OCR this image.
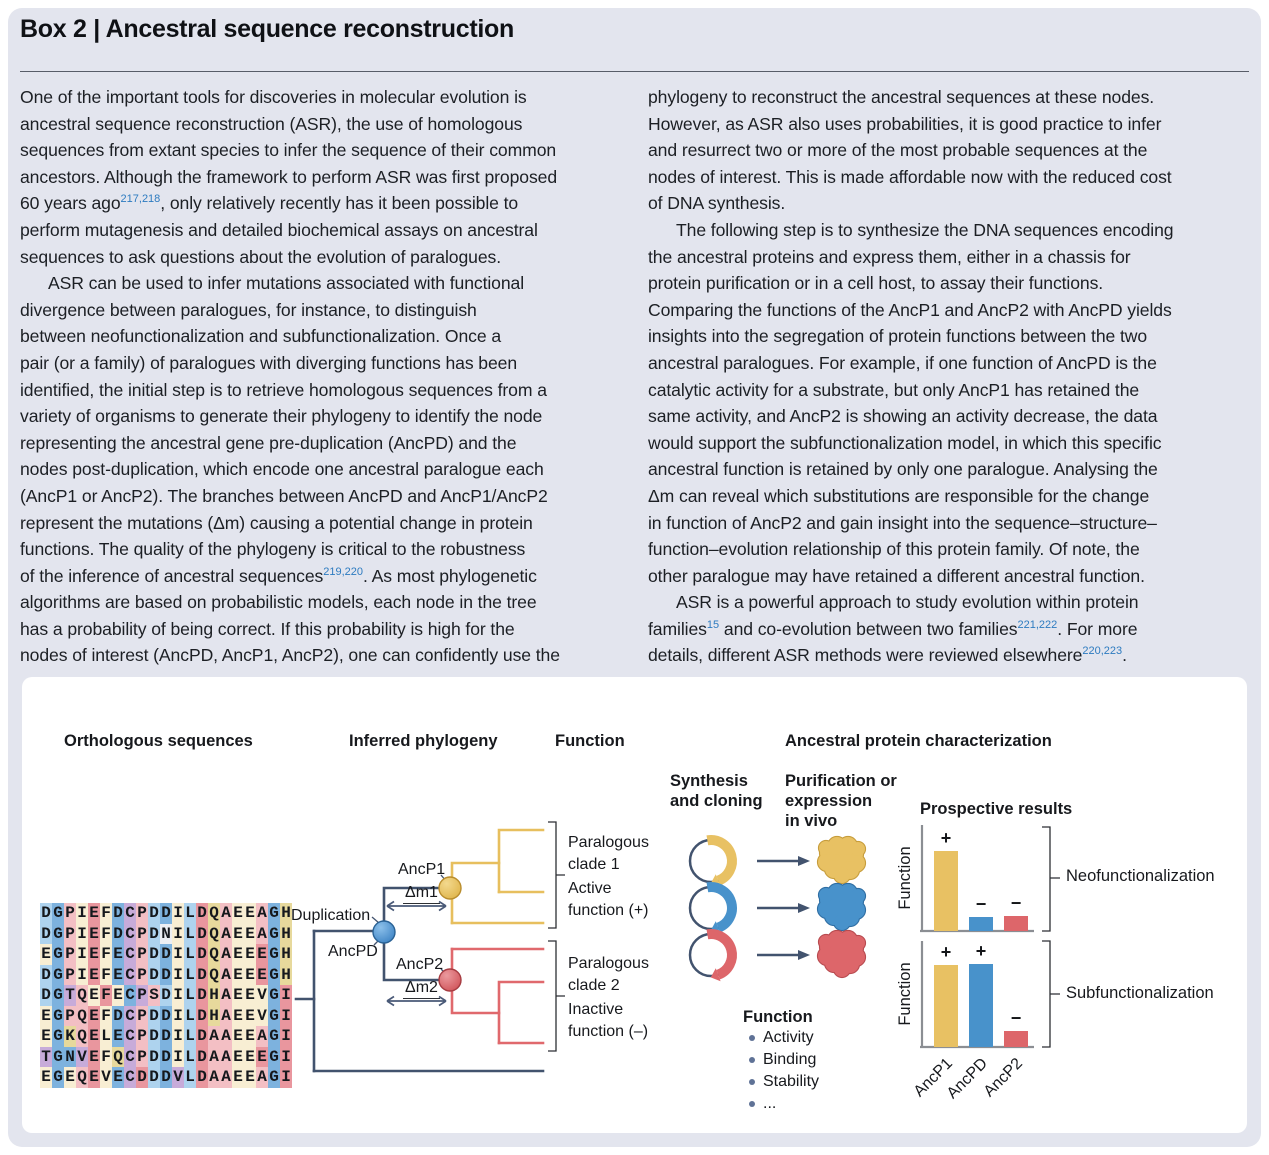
Box 2 | Ancestral sequence reconstruction
One of the important tools for discoveries in molecular evolution is
ancestral sequence reconstruction (ASR), the use of homologous
sequences from extant species to infer the sequence of their common
ancestors. Although the framework to perform ASR was first proposed
60 years ago$^{217,218}$, only relatively recently has it been possible to
perform mutagenesis and detailed biochemical assays on ancestral
sequences to ask questions about the evolution of paralogues.
ASR can be used to infer mutations associated with functional
divergence between paralogues, for instance, to distinguish
between neofunctionalization and subfunctionalization. Once a
pair (or a family) of paralogues with diverging functions has been
identified, the initial step is to retrieve homologous sequences from a
variety of organisms to generate their phylogeny to identify the node
representing the ancestral gene pre-duplication (AncPD) and the
nodes post-duplication, which encode one ancestral paralogue each
(AncP1 or AncP2). The branches between AncPD and AncP1/AncP2
represent the mutations (Δm) causing a potential change in protein
functions. The quality of the phylogeny is critical to the robustness
of the inference of ancestral sequences$^{219,220}$. As most phylogenetic
algorithms are based on probabilistic models, each node in the tree
has a probability of being correct. If this probability is high for the
nodes of interest (AncPD, AncP1, AncP2), one can confidently use the
phylogeny to reconstruct the ancestral sequences at these nodes.
However, as ASR also uses probabilities, it is good practice to infer
and resurrect two or more of the most probable sequences at the
nodes of interest. This is made affordable now with the reduced cost
of DNA synthesis.
The following step is to synthesize the DNA sequences encoding
the ancestral proteins and express them, either in a chassis for
protein purification or in a cell host, to assay their functions.
Comparing the functions of the AncP1 and AncP2 with AncPD yields
insights into the segregation of protein functions between the two
ancestral paralogues. For example, if one function of AncPD is the
catalytic activity for a substrate, but only AncP1 has retained the
same activity, and AncP2 is showing an activity decrease, the data
would support the subfunctionalization model, in which this specific
ancestral function is retained by only one paralogue. Analysing the
Δm can reveal which substitutions are responsible for the change
in function of AncP2 and gain insight into the sequence–structure–
function–evolution relationship of this protein family. Of note, the
other paralogue may have retained a different ancestral function.
ASR is a powerful approach to study evolution within protein
families$^{15}$ and co-evolution between two families$^{221,222}$. For more
details, different ASR methods were reviewed elsewhere$^{220,223}$.
Orthologous sequences	Inferred phylogeny	Function	Ancestral protein characterization
D G P I E F D C P D D I L D Q A E E A G H
D G P I E F D C P D N I L D Q A E E A G H
E G P I E F E C P D D I L D Q A E E E G H
D G P I E F E C P D D I L D Q A E E E G H
D G T Q E F E C P S D I L D H A E E V G I
E G P Q E F D C P D D I L D H A E E V G I
E G K Q E L E C P D D I L D A A E E A G I
T G N V E F Q C P D D I L D A A E E E G I
E G E Q E V E C D D D V L D A A E E A G I
Duplication
AncPD
AncP1
Δm1
AncP2
Δm2
Paralogous
clade 1
Active
function (+)
Paralogous
clade 2
Inactive
function (–)
Synthesis
and cloning
Purification or
expression
in vivo
Prospective results
Function
Activity
Binding
Stability
...
Function
Function
Neofunctionalization
Subfunctionalization
+
− −
+ +
−
AncP1
AncPD
AncP2
